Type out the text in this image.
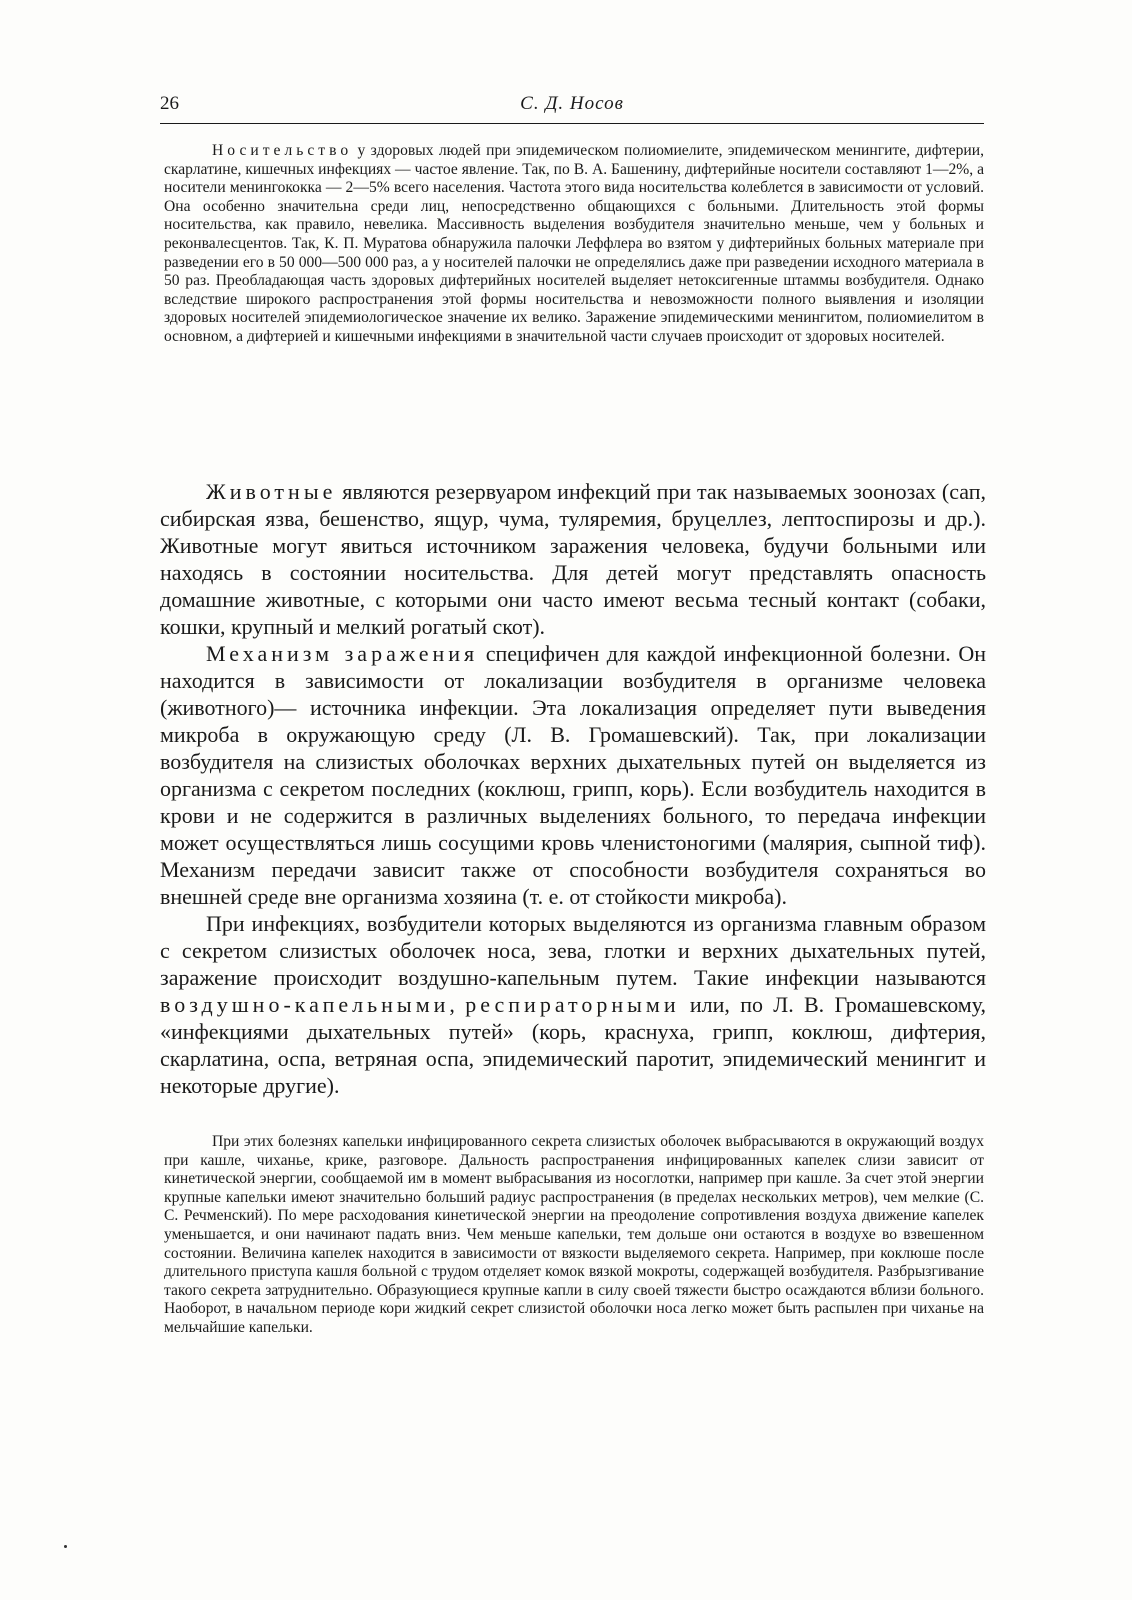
26	С. Д. Носов

Носительство у здоровых людей при эпидемическом полиомиелите, эпидемическом менингите, дифтерии, скарлатине, кишечных инфекциях — частое явление. Так, по В. А. Башенину, дифтерийные носители составляют 1—2%, а носители менингококка — 2—5% всего населения. Частота этого вида носительства колеблется в зависимости от условий. Она особенно значительна среди лиц, непосредственно общающихся с больными. Длительность этой формы носительства, как правило, невелика. Массивность выделения возбудителя значительно меньше, чем у больных и реконвалесцентов. Так, К. П. Муратова обнаружила палочки Леффлера во взятом у дифтерийных больных материале при разведении его в 50 000—500 000 раз, а у носителей палочки не определялись даже при разведении исходного материала в 50 раз. Преобладающая часть здоровых дифтерийных носителей выделяет нетоксигенные штаммы возбудителя. Однако вследствие широкого распространения этой формы носительства и невозможности полного выявления и изоляции здоровых носителей эпидемиологическое значение их велико. Заражение эпидемическими менингитом, полиомиелитом в основном, а дифтерией и кишечными инфекциями в значительной части случаев происходит от здоровых носителей.

Животные являются резервуаром инфекций при так называемых зоонозах (сап, сибирская язва, бешенство, ящур, чума, туляремия, бруцеллез, лептоспирозы и др.). Животные могут явиться источником заражения человека, будучи больными или находясь в состоянии носительства. Для детей могут представлять опасность домашние животные, с которыми они часто имеют весьма тесный контакт (собаки, кошки, крупный и мелкий рогатый скот).

Механизм заражения специфичен для каждой инфекционной болезни. Он находится в зависимости от локализации возбудителя в организме человека (животного)— источника инфекции. Эта локализация определяет пути выведения микроба в окружающую среду (Л. В. Громашевский). Так, при локализации возбудителя на слизистых оболочках верхних дыхательных путей он выделяется из организма с секретом последних (коклюш, грипп, корь). Если возбудитель находится в крови и не содержится в различных выделениях больного, то передача инфекции может осуществляться лишь сосущими кровь членистоногими (малярия, сыпной тиф). Механизм передачи зависит также от способности возбудителя сохраняться во внешней среде вне организма хозяина (т. е. от стойкости микроба).

При инфекциях, возбудители которых выделяются из организма главным образом с секретом слизистых оболочек носа, зева, глотки и верхних дыхательных путей, заражение происходит воздушно-капельным путем. Такие инфекции называются воздушно-капельными, респираторными или, по Л. В. Громашевскому, «инфекциями дыхательных путей» (корь, краснуха, грипп, коклюш, дифтерия, скарлатина, оспа, ветряная оспа, эпидемический паротит, эпидемический менингит и некоторые другие).

При этих болезнях капельки инфицированного секрета слизистых оболочек выбрасываются в окружающий воздух при кашле, чиханье, крике, разговоре. Дальность распространения инфицированных капелек слизи зависит от кинетической энергии, сообщаемой им в момент выбрасывания из носоглотки, например при кашле. За счет этой энергии крупные капельки имеют значительно больший радиус распространения (в пределах нескольких метров), чем мелкие (С. С. Речменский). По мере расходования кинетической энергии на преодоление сопротивления воздуха движение капелек уменьшается, и они начинают падать вниз. Чем меньше капельки, тем дольше они остаются в воздухе во взвешенном состоянии. Величина капелек находится в зависимости от вязкости выделяемого секрета. Например, при коклюше после длительного приступа кашля больной с трудом отделяет комок вязкой мокроты, содержащей возбудителя. Разбрызгивание такого секрета затруднительно. Образующиеся крупные капли в силу своей тяжести быстро осаждаются вблизи больного. Наоборот, в начальном периоде кори жидкий секрет слизистой оболочки носа легко может быть распылен при чиханье на мельчайшие капельки.
